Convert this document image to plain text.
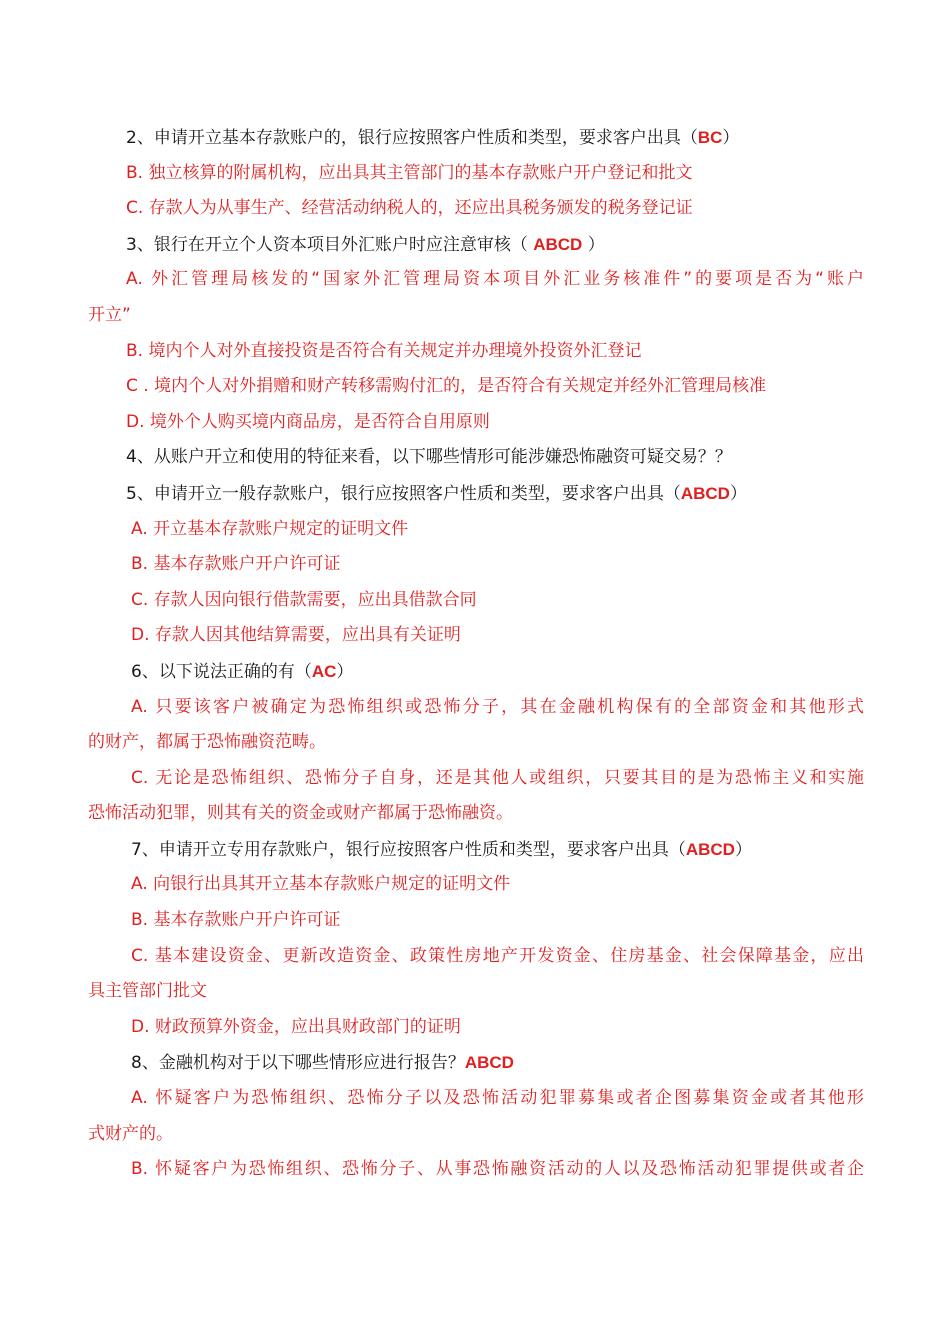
2、申请开立基本存款账户的，银行应按照客户性质和类型，要求客户出具（BC）
B. 独立核算的附属机构，应出具其主管部门的基本存款账户开户登记和批文
C. 存款人为从事生产、经营活动纳税人的，还应出具税务颁发的税务登记证
3、银行在开立个人资本项目外汇账户时应注意审核（ ABCD ）
A. 外汇管理局核发的“国家外汇管理局资本项目外汇业务核准件”的要项是否为“账户
开立”
B. 境内个人对外直接投资是否符合有关规定并办理境外投资外汇登记
C . 境内个人对外捐赠和财产转移需购付汇的，是否符合有关规定并经外汇管理局核准
D. 境外个人购买境内商品房，是否符合自用原则
4、从账户开立和使用的特征来看，以下哪些情形可能涉嫌恐怖融资可疑交易？？
5、申请开立一般存款账户，银行应按照客户性质和类型，要求客户出具（ABCD）
A. 开立基本存款账户规定的证明文件
B. 基本存款账户开户许可证
C. 存款人因向银行借款需要，应出具借款合同
D. 存款人因其他结算需要，应出具有关证明
6、以下说法正确的有（AC）
A. 只要该客户被确定为恐怖组织或恐怖分子，其在金融机构保有的全部资金和其他形式
的财产，都属于恐怖融资范畴。
C. 无论是恐怖组织、恐怖分子自身，还是其他人或组织，只要其目的是为恐怖主义和实施
恐怖活动犯罪，则其有关的资金或财产都属于恐怖融资。
7、申请开立专用存款账户，银行应按照客户性质和类型，要求客户出具（ABCD）
A. 向银行出具其开立基本存款账户规定的证明文件
B. 基本存款账户开户许可证
C. 基本建设资金、更新改造资金、政策性房地产开发资金、住房基金、社会保障基金，应出
具主管部门批文
D. 财政预算外资金，应出具财政部门的证明
8、金融机构对于以下哪些情形应进行报告？ABCD
A. 怀疑客户为恐怖组织、恐怖分子以及恐怖活动犯罪募集或者企图募集资金或者其他形
式财产的。
B. 怀疑客户为恐怖组织、恐怖分子、从事恐怖融资活动的人以及恐怖活动犯罪提供或者企
